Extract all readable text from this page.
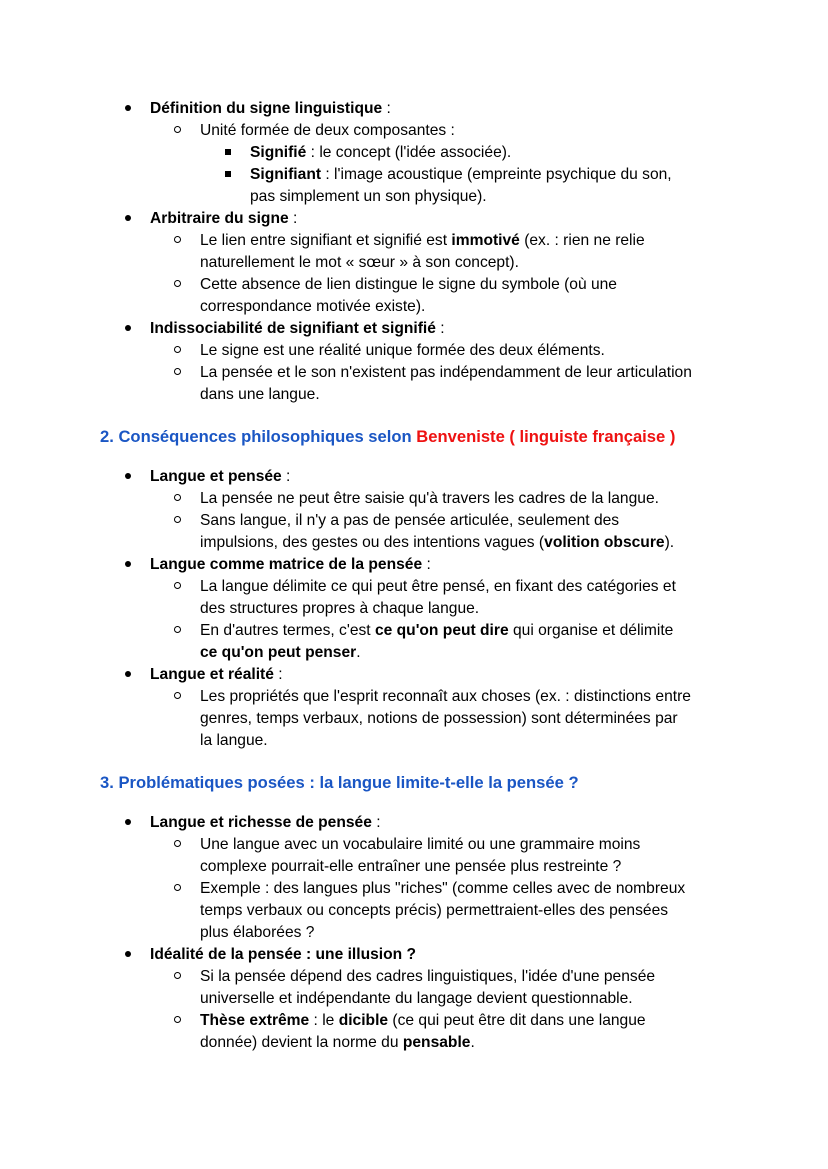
Définition du signe linguistique :
Unité formée de deux composantes :
Signifié : le concept (l'idée associée).
Signifiant : l'image acoustique (empreinte psychique du son,
pas simplement un son physique).
Arbitraire du signe :
Le lien entre signifiant et signifié est immotivé (ex. : rien ne relie
naturellement le mot « sœur » à son concept).
Cette absence de lien distingue le signe du symbole (où une
correspondance motivée existe).
Indissociabilité de signifiant et signifié :
Le signe est une réalité unique formée des deux éléments.
La pensée et le son n'existent pas indépendamment de leur articulation
dans une langue.
2. Conséquences philosophiques selon Benveniste ( linguiste française )
Langue et pensée :
La pensée ne peut être saisie qu'à travers les cadres de la langue.
Sans langue, il n'y a pas de pensée articulée, seulement des
impulsions, des gestes ou des intentions vagues (volition obscure).
Langue comme matrice de la pensée :
La langue délimite ce qui peut être pensé, en fixant des catégories et
des structures propres à chaque langue.
En d'autres termes, c'est ce qu'on peut dire qui organise et délimite
ce qu'on peut penser.
Langue et réalité :
Les propriétés que l'esprit reconnaît aux choses (ex. : distinctions entre
genres, temps verbaux, notions de possession) sont déterminées par
la langue.
3. Problématiques posées : la langue limite-t-elle la pensée ?
Langue et richesse de pensée :
Une langue avec un vocabulaire limité ou une grammaire moins
complexe pourrait-elle entraîner une pensée plus restreinte ?
Exemple : des langues plus "riches" (comme celles avec de nombreux
temps verbaux ou concepts précis) permettraient-elles des pensées
plus élaborées ?
Idéalité de la pensée : une illusion ?
Si la pensée dépend des cadres linguistiques, l'idée d'une pensée
universelle et indépendante du langage devient questionnable.
Thèse extrême : le dicible (ce qui peut être dit dans une langue
donnée) devient la norme du pensable.
